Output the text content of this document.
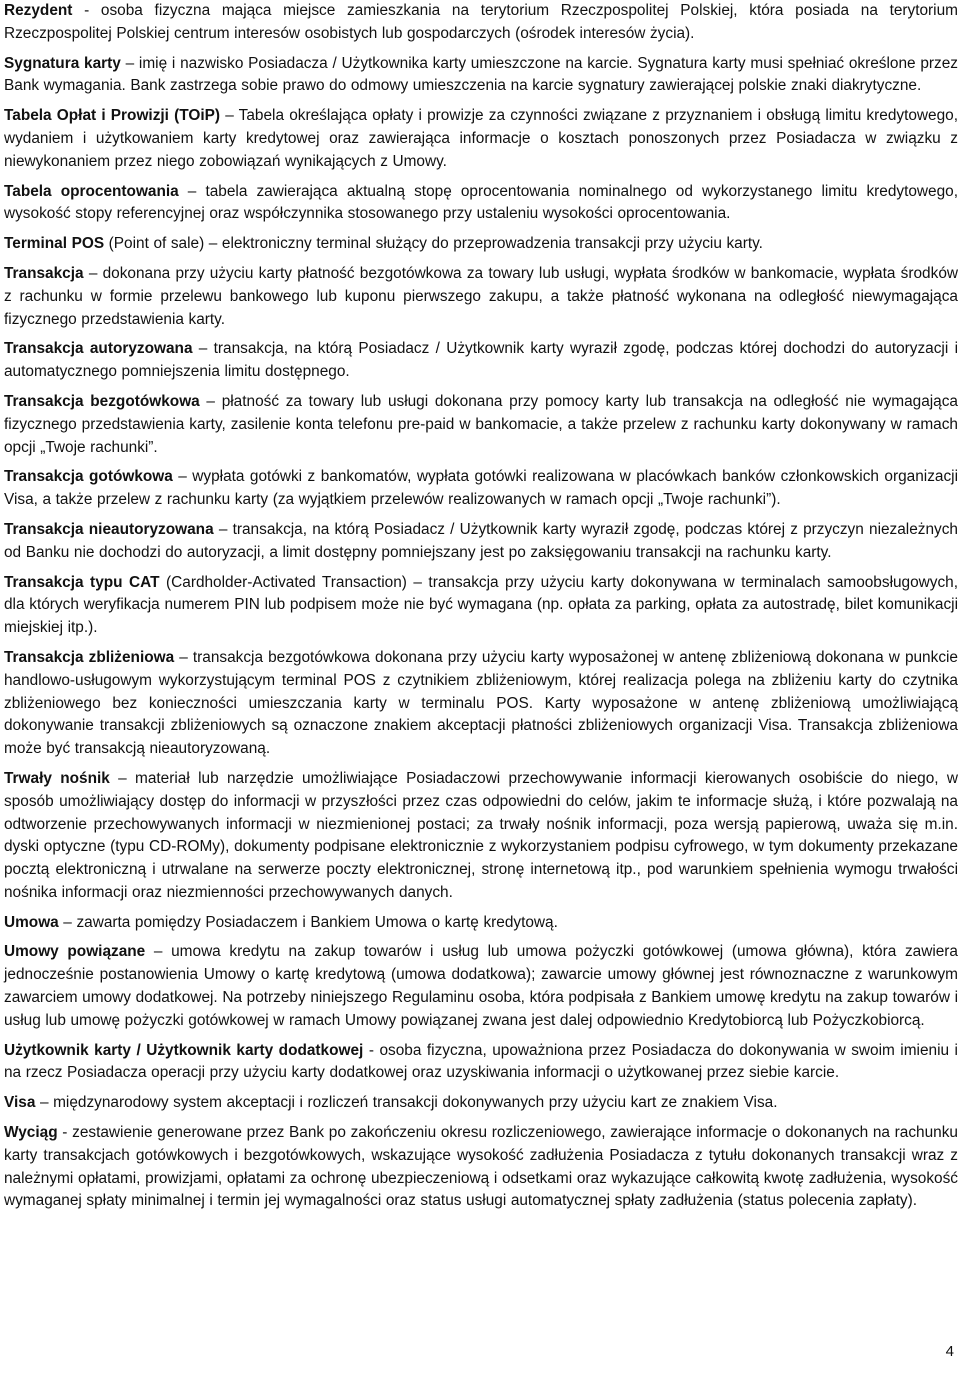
Rezydent - osoba fizyczna mająca miejsce zamieszkania na terytorium Rzeczpospolitej Polskiej, która posiada na terytorium Rzeczpospolitej Polskiej centrum interesów osobistych lub gospodarczych (ośrodek interesów życia).

Sygnatura karty – imię i nazwisko Posiadacza / Użytkownika karty umieszczone na karcie. Sygnatura karty musi spełniać określone przez Bank wymagania. Bank zastrzega sobie prawo do odmowy umieszczenia na karcie sygnatury zawierającej polskie znaki diakrytyczne.

Tabela Opłat i Prowizji (TOiP) – Tabela określająca opłaty i prowizje za czynności związane z przyznaniem i obsługą limitu kredytowego, wydaniem i użytkowaniem karty kredytowej oraz zawierająca informacje o kosztach ponoszonych przez Posiadacza w związku z niewykonaniem przez niego zobowiązań wynikających z Umowy.

Tabela oprocentowania – tabela zawierająca aktualną stopę oprocentowania nominalnego od wykorzystanego limitu kredytowego, wysokość stopy referencyjnej oraz współczynnika stosowanego przy ustaleniu wysokości oprocentowania.

Terminal POS (Point of sale) – elektroniczny terminal służący do przeprowadzenia transakcji przy użyciu karty.

Transakcja – dokonana przy użyciu karty płatność bezgotówkowa za towary lub usługi, wypłata środków w bankomacie, wypłata środków z rachunku w formie przelewu bankowego lub kuponu pierwszego zakupu, a także płatność wykonana na odległość niewymagająca fizycznego przedstawienia karty.

Transakcja autoryzowana – transakcja, na którą Posiadacz / Użytkownik karty wyraził zgodę, podczas której dochodzi do autoryzacji i automatycznego pomniejszenia limitu dostępnego.

Transakcja bezgotówkowa – płatność za towary lub usługi dokonana przy pomocy karty lub transakcja na odległość nie wymagająca fizycznego przedstawienia karty, zasilenie konta telefonu pre-paid w bankomacie, a także przelew z rachunku karty dokonywany w ramach opcji „Twoje rachunki”.

Transakcja gotówkowa – wypłata gotówki z bankomatów, wypłata gotówki realizowana w placówkach banków członkowskich organizacji Visa, a także przelew z rachunku karty (za wyjątkiem przelewów realizowanych w ramach opcji „Twoje rachunki”).

Transakcja nieautoryzowana – transakcja, na którą Posiadacz / Użytkownik karty wyraził zgodę, podczas której z przyczyn niezależnych od Banku nie dochodzi do autoryzacji, a limit dostępny pomniejszany jest po zaksięgowaniu transakcji na rachunku karty.

Transakcja typu CAT (Cardholder-Activated Transaction) – transakcja przy użyciu karty dokonywana w terminalach samoobsługowych, dla których weryfikacja numerem PIN lub podpisem może nie być wymagana (np. opłata za parking, opłata za autostradę, bilet komunikacji miejskiej itp.).

Transakcja zbliżeniowa – transakcja bezgotówkowa dokonana przy użyciu karty wyposażonej w antenę zbliżeniową dokonana w punkcie handlowo-usługowym wykorzystującym terminal POS z czytnikiem zbliżeniowym, której realizacja polega na zbliżeniu karty do czytnika zbliżeniowego bez konieczności umieszczania karty w terminalu POS. Karty wyposażone w antenę zbliżeniową umożliwiającą dokonywanie transakcji zbliżeniowych są oznaczone znakiem akceptacji płatności zbliżeniowych organizacji Visa. Transakcja zbliżeniowa może być transakcją nieautoryzowaną.

Trwały nośnik – materiał lub narzędzie umożliwiające Posiadaczowi przechowywanie informacji kierowanych osobiście do niego, w sposób umożliwiający dostęp do informacji w przyszłości przez czas odpowiedni do celów, jakim te informacje służą, i które pozwalają na odtworzenie przechowywanych informacji w niezmienionej postaci; za trwały nośnik informacji, poza wersją papierową, uważa się m.in. dyski optyczne (typu CD-ROMy), dokumenty podpisane elektronicznie z wykorzystaniem podpisu cyfrowego, w tym dokumenty przekazane pocztą elektroniczną i utrwalane na serwerze poczty elektronicznej, stronę internetową itp., pod warunkiem spełnienia wymogu trwałości nośnika informacji oraz niezmienności przechowywanych danych.

Umowa – zawarta pomiędzy Posiadaczem i Bankiem Umowa o kartę kredytową.

Umowy powiązane – umowa kredytu na zakup towarów i usług lub umowa pożyczki gotówkowej (umowa główna), która zawiera jednocześnie postanowienia Umowy o kartę kredytową (umowa dodatkowa); zawarcie umowy głównej jest równoznaczne z warunkowym zawarciem umowy dodatkowej. Na potrzeby niniejszego Regulaminu osoba, która podpisała z Bankiem umowę kredytu na zakup towarów i usług lub umowę pożyczki gotówkowej w ramach Umowy powiązanej zwana jest dalej odpowiednio Kredytobiorcą lub Pożyczkobiorcą.

Użytkownik karty / Użytkownik karty dodatkowej - osoba fizyczna, upoważniona przez Posiadacza do dokonywania w swoim imieniu i na rzecz Posiadacza operacji przy użyciu karty dodatkowej oraz uzyskiwania informacji o użytkowanej przez siebie karcie.

Visa – międzynarodowy system akceptacji i rozliczeń transakcji dokonywanych przy użyciu kart ze znakiem Visa.

Wyciąg - zestawienie generowane przez Bank po zakończeniu okresu rozliczeniowego, zawierające informacje o dokonanych na rachunku karty transakcjach gotówkowych i bezgotówkowych, wskazujące wysokość zadłużenia Posiadacza z tytułu dokonanych transakcji wraz z należnymi opłatami, prowizjami, opłatami za ochronę ubezpieczeniową i odsetkami oraz wykazujące całkowitą kwotę zadłużenia, wysokość wymaganej spłaty minimalnej i termin jej wymagalności oraz status usługi automatycznej spłaty zadłużenia (status polecenia zapłaty).

4
